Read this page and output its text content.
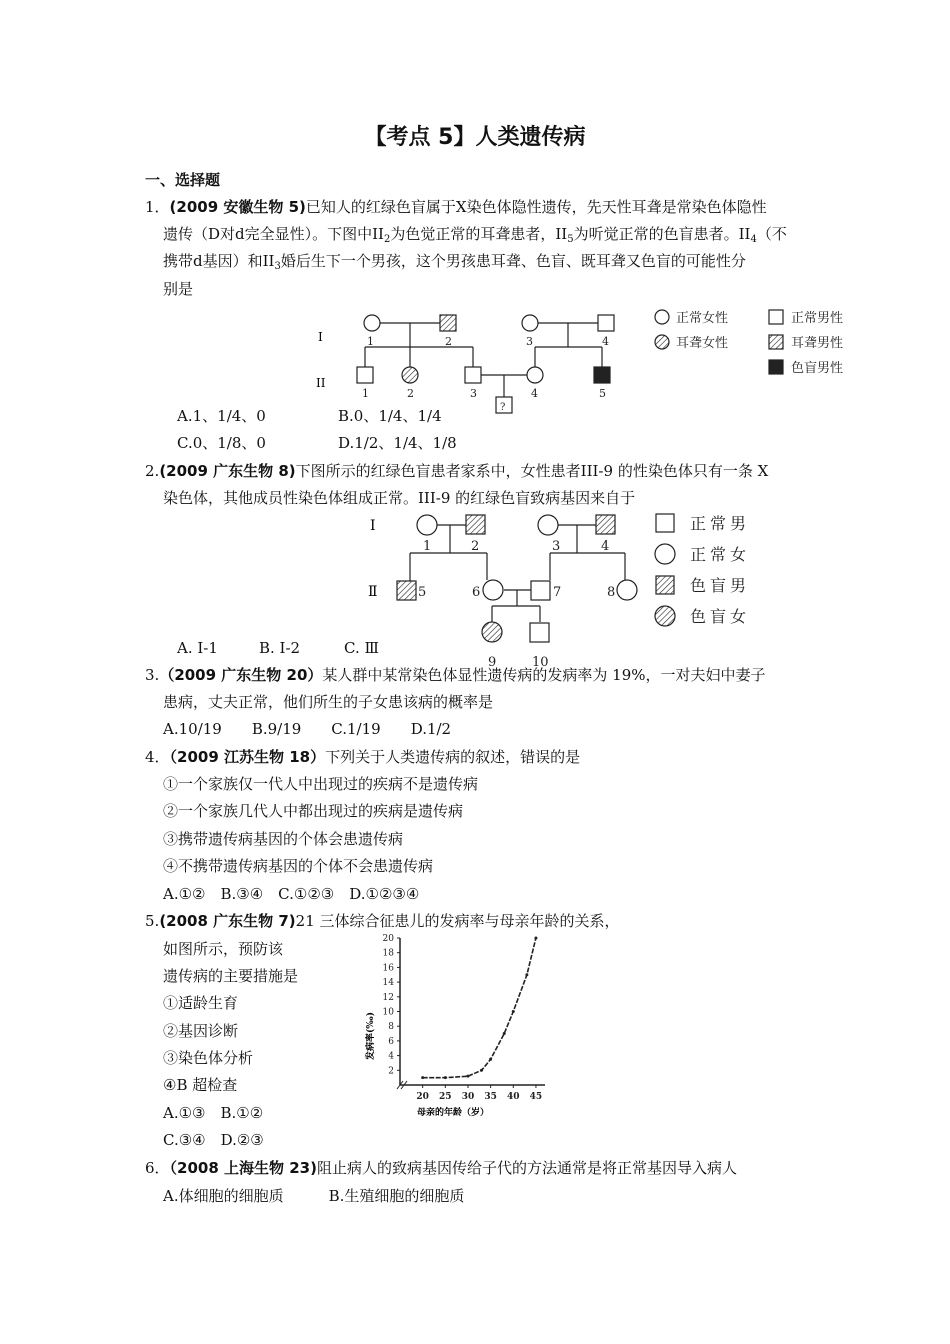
【考点 5】人类遗传病
一、选择题
1．(2009 安徽生物 5)已知人的红绿色盲属于X染色体隐性遗传，先天性耳聋是常染色体隐性
遗传（D对d完全显性）。下图中$II_2$为色觉正常的耳聋患者，$II_5$为听觉正常的色盲患者。$II_4$（不
携带d基因）和$II_3$婚后生下一个男孩，这个男孩患耳聋、色盲、既耳聋又色盲的可能性分
别是
I
II
1	2	3	4
1	2	3	4	5
?
正常女性
耳聋女性
正常男性
耳聋男性
色盲男性
A.1、1/4、0	B.0、1/4、1/4
C.0、1/8、0	D.1/2、1/4、1/8
2.(2009 广东生物 8)下图所示的红绿色盲患者家系中，女性患者III-9 的性染色体只有一条 X
染色体，其他成员性染色体组成正常。III-9 的红绿色盲致病基因来自于
I
Ⅱ
1	2	3	4
5	6	7	8
9	10
正常男
正常女
色盲男
色盲女
A. Ⅰ-1	B. Ⅰ-2	C. Ⅲ
3.（2009 广东生物 20）某人群中某常染色体显性遗传病的发病率为 19%，一对夫妇中妻子
患病，丈夫正常，他们所生的子女患该病的概率是
A.10/19　　B.9/19　　C.1/19　　D.1/2
4．（2009 江苏生物 18）下列关于人类遗传病的叙述，错误的是
①一个家族仅一代人中出现过的疾病不是遗传病
②一个家族几代人中都出现过的疾病是遗传病
③携带遗传病基因的个体会患遗传病
④不携带遗传病基因的个体不会患遗传病
A.①②　B.③④　C.①②③　D.①②③④
5.(2008 广东生物 7)21 三体综合征患儿的发病率与母亲年龄的关系，
如图所示，预防该
遗传病的主要措施是
①适龄生育
②基因诊断
③染色体分析
④B 超检查
A.①③　B.①②
C.③④　D.②③
发病率(‰)
母亲的年龄（岁）
2
4
6
8
10
12
14
16
18
20
20 25 30 35 40 45
6．（2008 上海生物 23)阻止病人的致病基因传给子代的方法通常是将正常基因导入病人
A.体细胞的细胞质　　　B.生殖细胞的细胞质
